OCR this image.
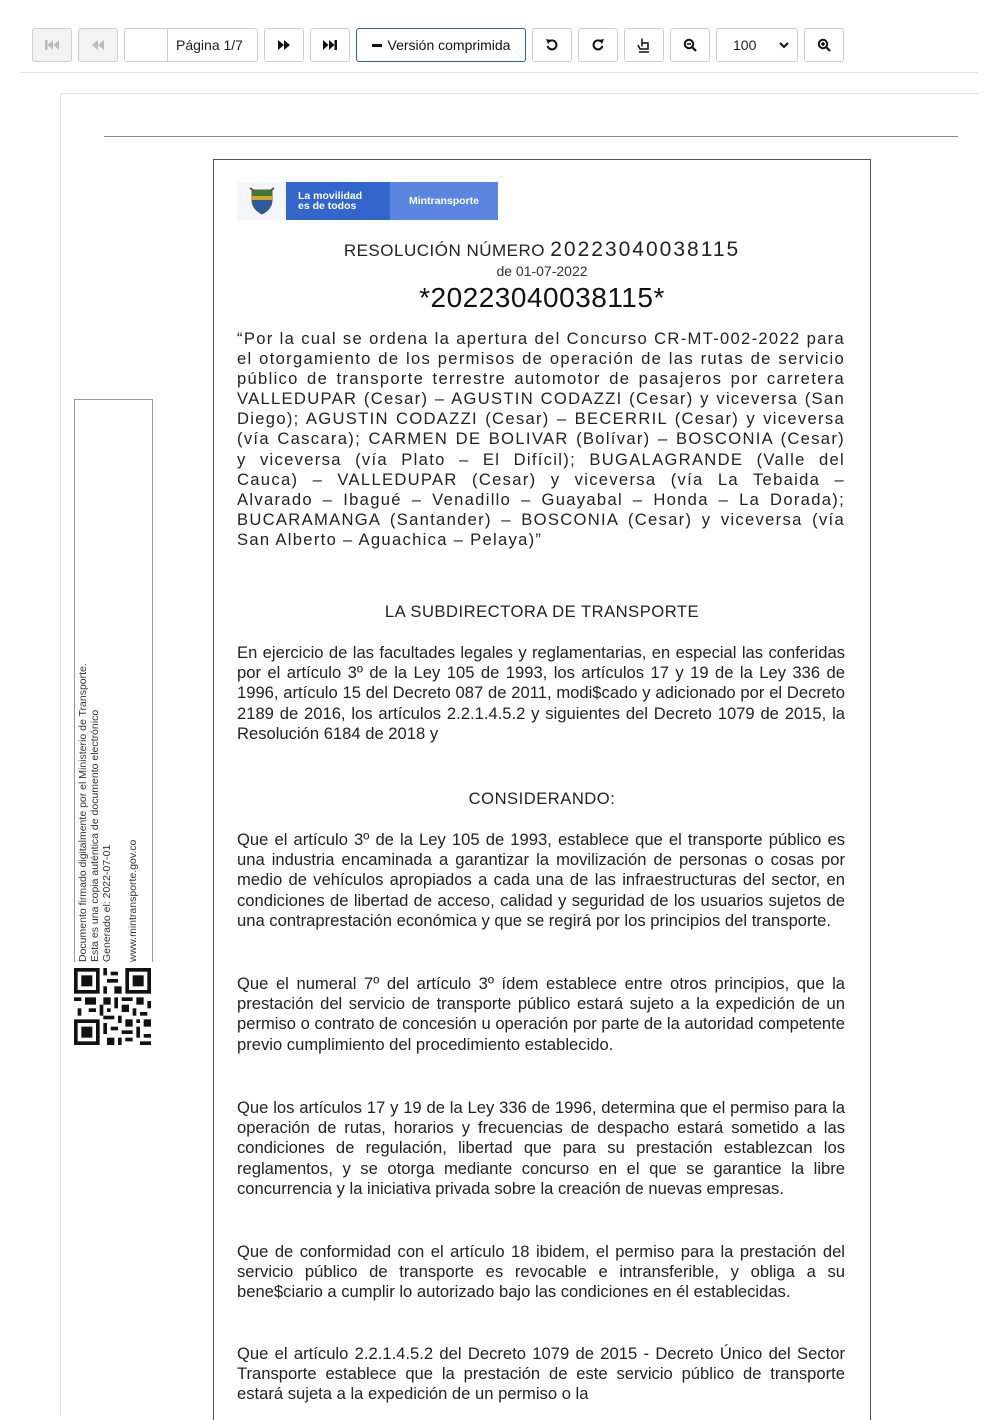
Página 1/7	Versión comprimida	100
Documento firmado digitalmente por el Ministerio de Transporte. Esta es una copia auténtica de documento electrónico Generado el: 2022-07-01 www.mintransporte.gov.co
La movilidad
es de todos	Mintransporte
RESOLUCIÓN NÚMERO 20223040038115
de 01-07-2022
*20223040038115*
“Por la cual se ordena la apertura del Concurso CR-MT-002-2022 para el otorgamiento de los permisos de operación de las rutas de servicio público de transporte terrestre automotor de pasajeros por carretera VALLEDUPAR (Cesar) – AGUSTIN CODAZZI (Cesar) y viceversa (San Diego); AGUSTIN CODAZZI (Cesar) – BECERRIL (Cesar) y viceversa (vía Cascara); CARMEN DE BOLIVAR (Bolívar) – BOSCONIA (Cesar) y viceversa (vía Plato – El Difícil); BUGALAGRANDE (Valle del Cauca) – VALLEDUPAR (Cesar) y viceversa (vía La Tebaida – Alvarado – Ibagué – Venadillo – Guayabal – Honda – La Dorada); BUCARAMANGA (Santander) – BOSCONIA (Cesar) y viceversa (vía San Alberto – Aguachica – Pelaya)”
LA SUBDIRECTORA DE TRANSPORTE
En ejercicio de las facultades legales y reglamentarias, en especial las conferidas por el artículo 3º de la Ley 105 de 1993, los artículos 17 y 19 de la Ley 336 de 1996, artículo 15 del Decreto 087 de 2011, modi$cado y adicionado por el Decreto 2189 de 2016, los artículos 2.2.1.4.5.2 y siguientes del Decreto 1079 de 2015, la Resolución 6184 de 2018 y
CONSIDERANDO:
Que el artículo 3º de la Ley 105 de 1993, establece que el transporte público es una industria encaminada a garantizar la movilización de personas o cosas por medio de vehículos apropiados a cada una de las infraestructuras del sector, en condiciones de libertad de acceso, calidad y seguridad de los usuarios sujetos de una contraprestación económica y que se regirá por los principios del transporte.
Que el numeral 7º del artículo 3º ídem establece entre otros principios, que la prestación del servicio de transporte público estará sujeto a la expedición de un permiso o contrato de concesión u operación por parte de la autoridad competente previo cumplimiento del procedimiento establecido.
Que los artículos 17 y 19 de la Ley 336 de 1996, determina que el permiso para la operación de rutas, horarios y frecuencias de despacho estará sometido a las condiciones de regulación, libertad que para su prestación establezcan los reglamentos, y se otorga mediante concurso en el que se garantice la libre concurrencia y la iniciativa privada sobre la creación de nuevas empresas.
Que de conformidad con el artículo 18 ibidem, el permiso para la prestación del servicio público de transporte es revocable e intransferible, y obliga a su bene$ciario a cumplir lo autorizado bajo las condiciones en él establecidas.
Que el artículo 2.2.1.4.5.2 del Decreto 1079 de 2015 - Decreto Único del Sector Transporte establece que la prestación de este servicio público de transporte estará sujeta a la expedición de un permiso o la
